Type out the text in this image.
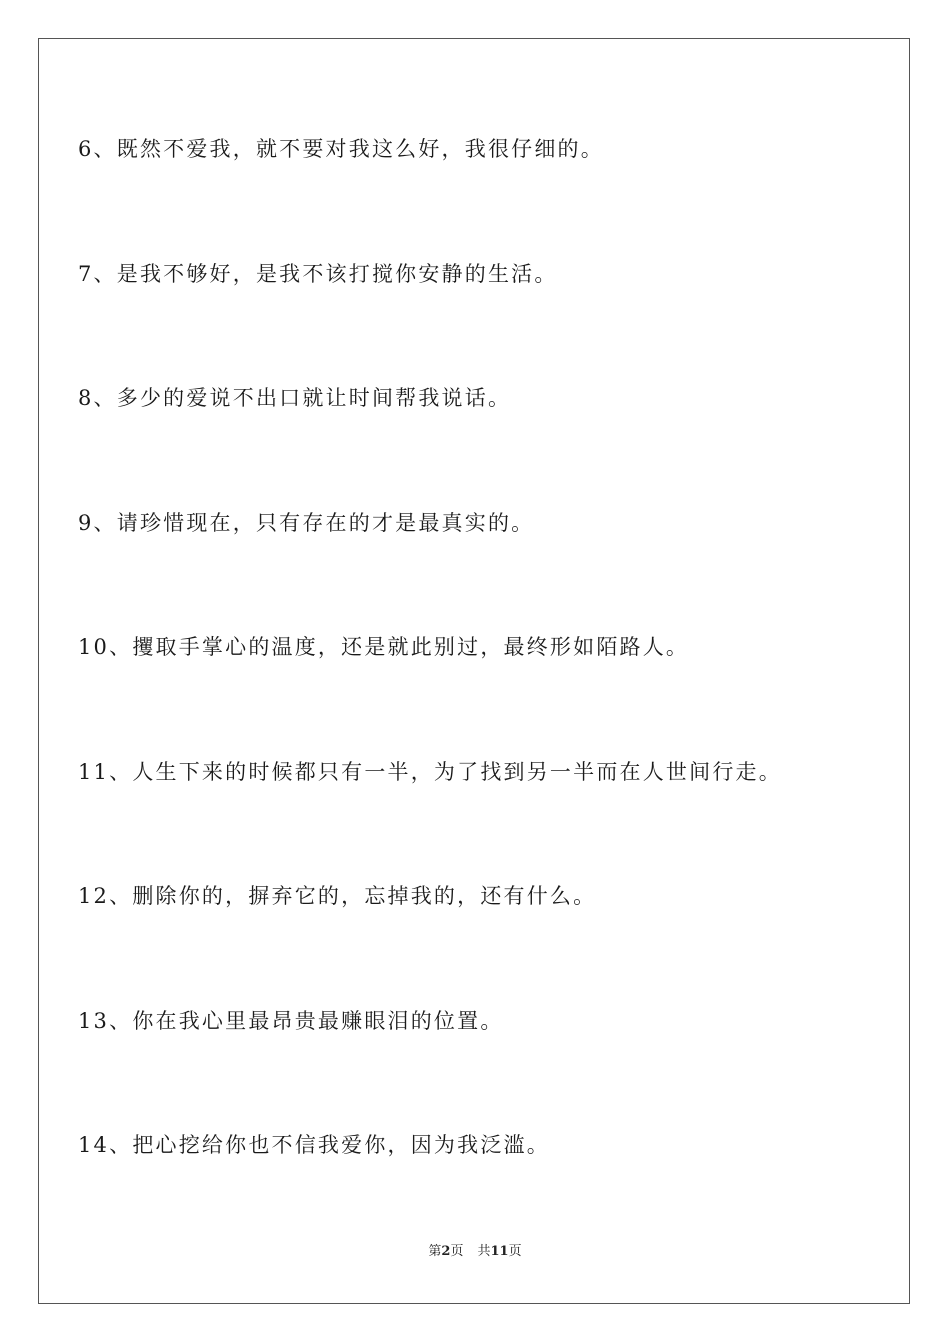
6、既然不爱我，就不要对我这么好，我很仔细的。
7、是我不够好，是我不该打搅你安静的生活。
8、多少的爱说不出口就让时间帮我说话。
9、请珍惜现在，只有存在的才是最真实的。
10、攫取手掌心的温度，还是就此别过，最终形如陌路人。
11、人生下来的时候都只有一半，为了找到另一半而在人世间行走。
12、删除你的，摒弃它的，忘掉我的，还有什么。
13、你在我心里最昂贵最赚眼泪的位置。
14、把心挖给你也不信我爱你，因为我泛滥。
第2页 共11页
